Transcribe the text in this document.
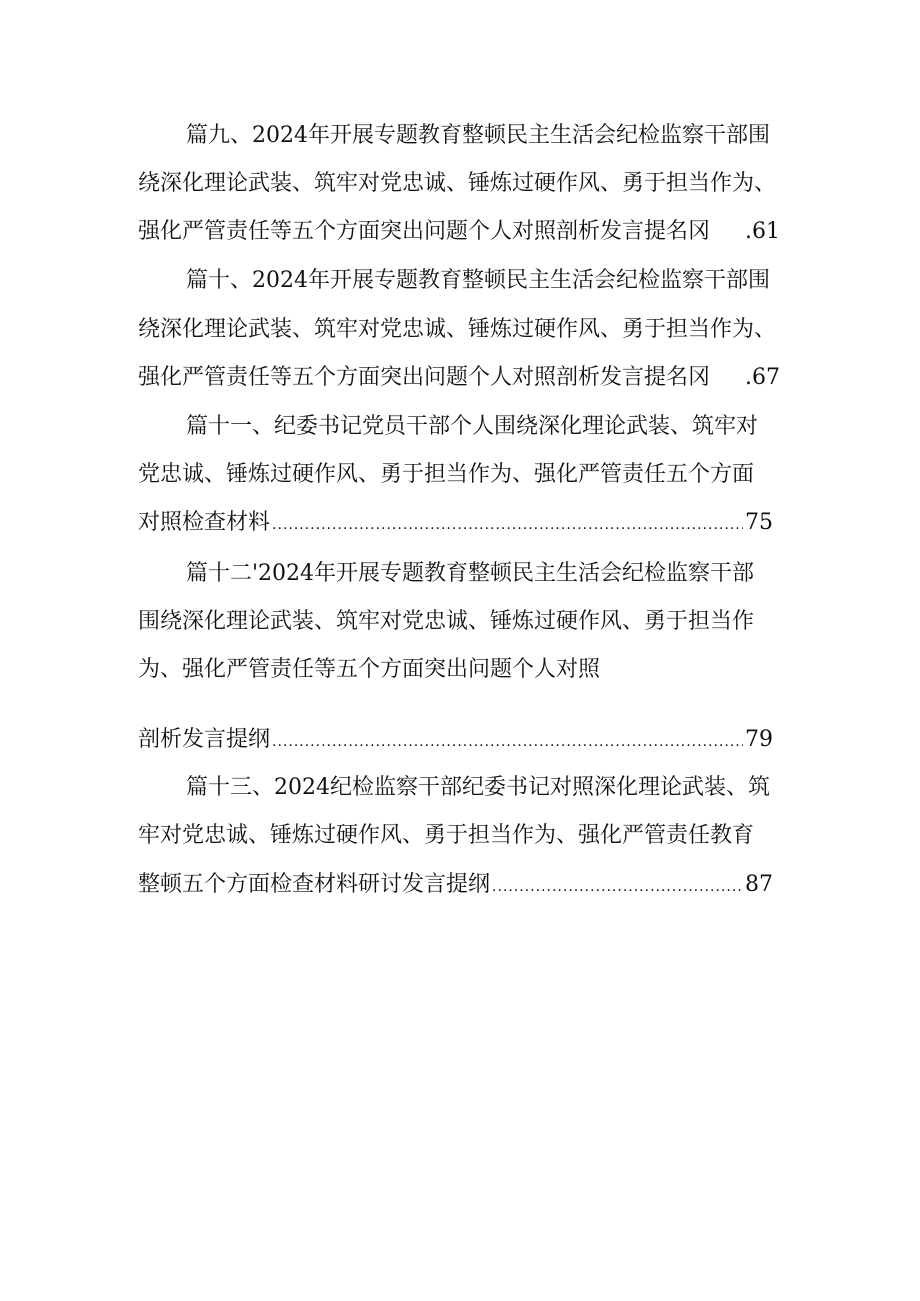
篇九、2024年开展专题教育整顿民主生活会纪检监察干部围
绕深化理论武装、筑牢对党忠诚、锤炼过硬作风、勇于担当作为、
强化严管责任等五个方面突出问题个人对照剖析发言提名冈 .61
篇十、2024年开展专题教育整顿民主生活会纪检监察干部围
绕深化理论武装、筑牢对党忠诚、锤炼过硬作风、勇于担当作为、
强化严管责任等五个方面突出问题个人对照剖析发言提名冈 .67
篇十一、纪委书记党员干部个人围绕深化理论武装、筑牢对
党忠诚、锤炼过硬作风、勇于担当作为、强化严管责任五个方面
对照检查材料 .....	75
篇十二'2024年开展专题教育整顿民主生活会纪检监察干部
围绕深化理论武装、筑牢对党忠诚、锤炼过硬作风、勇于担当作
为、强化严管责任等五个方面突出问题个人对照
剖析发言提纲 .....	79
篇十三、2024纪检监察干部纪委书记对照深化理论武装、筑
牢对党忠诚、锤炼过硬作风、勇于担当作为、强化严管责任教育
整顿五个方面检查材料研讨发言提纲 .....	87
